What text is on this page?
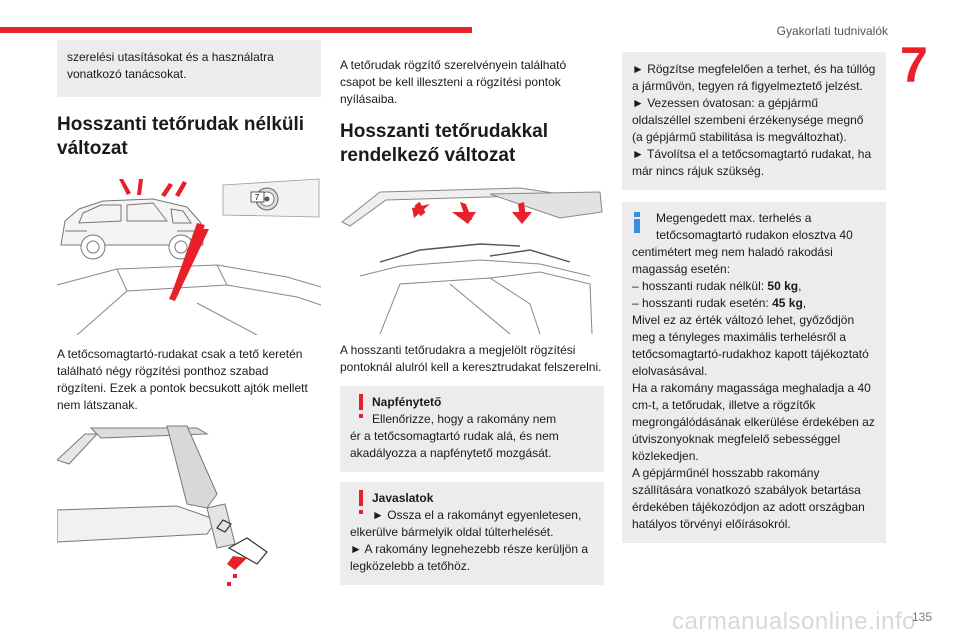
Gyakorlati tudnivalók
7
szerelési utasításokat és a használatra vonatkozó tanácsokat.
Hosszanti tetőrudak nélküli változat
7
A tetőcsomagtartó-rudakat csak a tető keretén található négy rögzítési ponthoz szabad rögzíteni. Ezek a pontok becsukott ajtók mellett nem látszanak.
A tetőrudak rögzítő szerelvényein található csapot be kell illeszteni a rögzítési pontok nyílásaiba.
Hosszanti tetőrudakkal rendelkező változat
A hosszanti tetőrudakra a megjelölt rögzítési pontoknál alulról kell a keresztrudakat felszerelni.
Napfénytető
Ellenőrizze, hogy a rakomány nem
ér a tetőcsomagtartó rudak alá, és nem akadályozza a napfénytető mozgását.
Javaslatok
► Ossza el a rakományt egyenletesen,
elkerülve bármelyik oldal túlterhelését.
► A rakomány legnehezebb része kerüljön a legközelebb a tetőhöz.
► Rögzítse megfelelően a terhet, és ha túllóg a járművön, tegyen rá figyelmeztető jelzést.
► Vezessen óvatosan: a gépjármű oldalszéllel szembeni érzékenysége megnő (a gépjármű stabilitása is megváltozhat).
► Távolítsa el a tetőcsomagtartó rudakat, ha már nincs rájuk szükség.
Megengedett max. terhelés a
tetőcsomagtartó rudakon elosztva 40
centimétert meg nem haladó rakodási magasság esetén:
– hosszanti rudak nélkül: 50 kg,
– hosszanti rudak esetén: 45 kg,
Mivel ez az érték változó lehet, győződjön meg a tényleges maximális terhelésről a tetőcsomagtartó-rudakhoz kapott tájékoztató elolvasásával.
Ha a rakomány magassága meghaladja a 40 cm-t, a tetőrudak, illetve a rögzítők megrongálódásának elkerülése érdekében az útviszonyoknak megfelelő sebességgel közlekedjen.
A gépjárműnél hosszabb rakomány szállítására vonatkozó szabályok betartása érdekében tájékozódjon az adott országban hatályos törvényi előírásokról.
carmanualsonline.info
135
